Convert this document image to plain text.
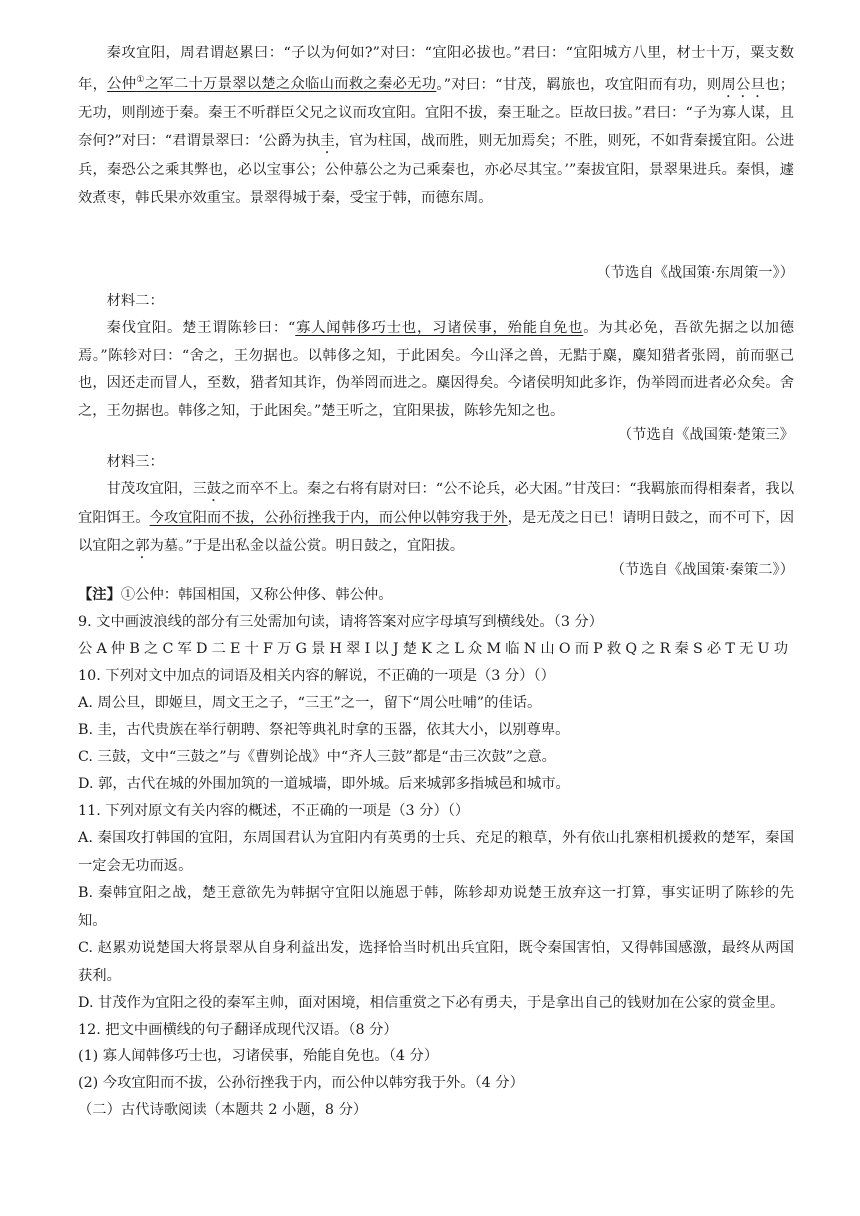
秦攻宜阳，周君谓赵累曰：“子以为何如?”对曰：“宜阳必拔也。”君曰：“宜阳城方八里，材士十万，粟支数年，公仲①之军二十万景翠以楚之众临山而救之秦必无功。”对曰：“甘茂，羁旅也，攻宜阳而有功，则周公旦也；无功，则削迹于秦。秦王不听群臣父兄之议而攻宜阳。宜阳不拔，秦王耻之。臣故曰拔。”君曰：“子为寡人谋，且奈何?”对曰：“君谓景翠曰：‘公爵为执圭，官为柱国，战而胜，则无加焉矣；不胜，则死，不如背秦援宜阳。公进兵，秦恐公之乘其弊也，必以宝事公；公仲慕公之为己乘秦也，亦必尽其宝。’”秦拔宜阳，景翠果进兵。秦惧，遽效煮枣，韩氏果亦效重宝。景翠得城于秦，受宝于韩，而德东周。

（节选自《战国策·东周策一》）

材料二：

秦伐宜阳。楚王谓陈轸曰：“寡人闻韩侈巧士也，习诸侯事，殆能自免也。为其必免，吾欲先据之以加德焉。”陈轸对曰：“舍之，王勿据也。以韩侈之知，于此困矣。今山泽之兽，无黠于麋，麋知猎者张罔，前而驱己也，因还走而冒人，至数，猎者知其诈，伪举罔而进之。麋因得矣。今诸侯明知此多诈，伪举罔而进者必众矣。舍之，王勿据也。韩侈之知，于此困矣。”楚王听之，宜阳果拔，陈轸先知之也。

（节选自《战国策·楚策三》

材料三：

甘茂攻宜阳，三鼓之而卒不上。秦之右将有尉对曰：“公不论兵，必大困。”甘茂曰：“我羁旅而得相秦者，我以宜阳饵王。今攻宜阳而不拔，公孙衍挫我于内，而公仲以韩穷我于外，是无茂之日已！请明日鼓之，而不可下，因以宜阳之郭为墓。”于是出私金以益公赏。明日鼓之，宜阳拔。

（节选自《战国策·秦策二》）

【注】①公仲：韩国相国，又称公仲侈、韩公仲。

9. 文中画波浪线的部分有三处需加句读，请将答案对应字母填写到横线处。（3 分）

公 A 仲 B 之 C 军 D 二 E 十 F 万 G 景 H 翠 I 以 J 楚 K 之 L 众 M 临 N 山 O 而 P 救 Q 之 R 秦 S 必 T 无 U 功

10. 下列对文中加点的词语及相关内容的解说，不正确的一项是（3 分）（）

A. 周公旦，即姬旦，周文王之子，“三王”之一，留下“周公吐哺”的佳话。

B. 圭，古代贵族在举行朝聘、祭祀等典礼时拿的玉器，依其大小，以别尊卑。

C. 三鼓，文中“三鼓之”与《曹刿论战》中“齐人三鼓”都是“击三次鼓”之意。

D. 郭，古代在城的外围加筑的一道城墙，即外城。后来城郭多指城邑和城市。

11. 下列对原文有关内容的概述，不正确的一项是（3 分）（）

A. 秦国攻打韩国的宜阳，东周国君认为宜阳内有英勇的士兵、充足的粮草，外有依山扎寨相机援救的楚军，秦国一定会无功而返。

B. 秦韩宜阳之战，楚王意欲先为韩据守宜阳以施恩于韩，陈轸却劝说楚王放弃这一打算，事实证明了陈轸的先知。

C. 赵累劝说楚国大将景翠从自身利益出发，选择恰当时机出兵宜阳，既令秦国害怕，又得韩国感激，最终从两国获利。

D. 甘茂作为宜阳之役的秦军主帅，面对困境，相信重赏之下必有勇夫，于是拿出自己的钱财加在公家的赏金里。

12. 把文中画横线的句子翻译成现代汉语。（8 分）

(1) 寡人闻韩侈巧士也，习诸侯事，殆能自免也。（4 分）

(2) 今攻宜阳而不拔，公孙衍挫我于内，而公仲以韩穷我于外。（4 分）

（二）古代诗歌阅读（本题共 2 小题，8 分）
